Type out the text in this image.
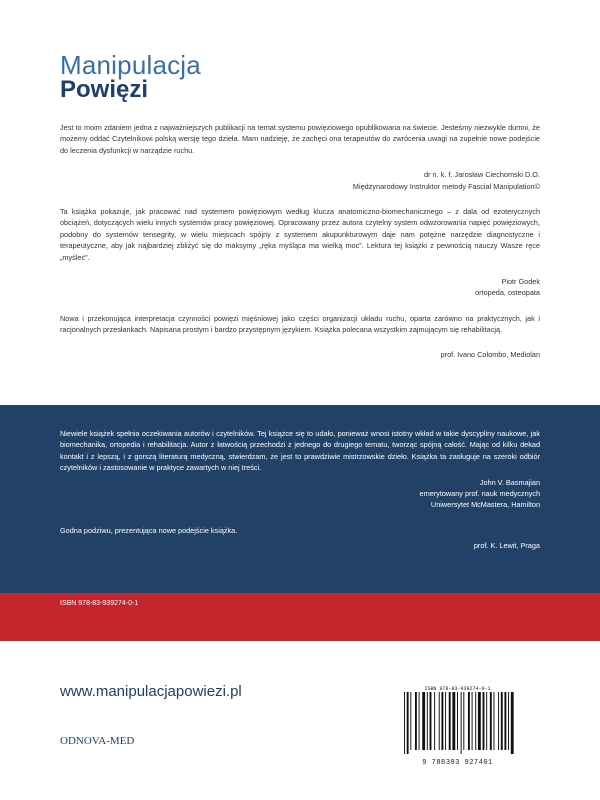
Manipulacja
Powięzi

Jest to moim zdaniem jedna z najważniejszych publikacji na temat systemu powięziowego opublikowana na świecie. Jesteśmy niezwykle dumni, że możemy oddać Czytelnikowi polską wersję tego dzieła. Mam nadzieję, że zachęci ona terapeutów do zwrócenia uwagi na zupełnie nowe podejście do leczenia dysfunkcji w narządzie ruchu.

dr n. k. f. Jarosław Ciechomski D.O.
Międzynarodowy Instruktor metody Fascial Manipulation©

Ta książka pokazuje, jak pracować nad systemem powięziowym według klucza anatomiczno-biomechanicznego – z dala od ezoterycznych obciążeń, dotyczących wielu innych systemów pracy powięziowej. Opracowany przez autora czytelny system odwzorowania napięć powięziowych, podobny do systemów tensegrity, w wielu miejscach spójny z systemem akupunkturowym daje nam potężne narzędzie diagnostyczne i terapeutyczne, aby jak najbardziej zbliżyć się do maksymy „ręka myśląca ma wielką moc”. Lektura tej książki z pewnością nauczy Wasze ręce „myśleć”.

Piotr Godek
ortopeda, osteopata

Nowa i przekonująca interpretacja czynności powięzi mięśniowej jako części organizacji układu ruchu, oparta zarówno na praktycznych, jak i racjonalnych przesłankach. Napisana prostym i bardzo przystępnym językiem. Książka polecana wszystkim zajmującym się rehabilitacją.

prof. Ivano Colombo, Mediolan

Niewiele książek spełnia oczekiwania autorów i czytelników. Tej książce się to udało, ponieważ wnosi istotny wkład w takie dyscypliny naukowe, jak biomechanika, ortopedia i rehabilitacja. Autor z łatwością przechodzi z jednego do drugiego tematu, tworząc spójną całość. Mając od kilku dekad kontakt i z lepszą, i z gorszą literaturą medyczną, stwierdzam, że jest to prawdziwie mistrzowskie dzieło. Książka ta zasługuje na szeroki odbiór czytelników i zastosowanie w praktyce zawartych w niej treści.

John V. Basmajian
emerytowany prof. nauk medycznych
Uniwersytet McMastera, Hamilton

Godna podziwu, prezentująca nowe podejście książka.

prof. K. Lewit, Praga
ISBN 978-83-939274-0-1
www.manipulacjapowiezi.pl
ODNOVA-MED
ISBN 978-83-939274-0-1
9 788393 927401
